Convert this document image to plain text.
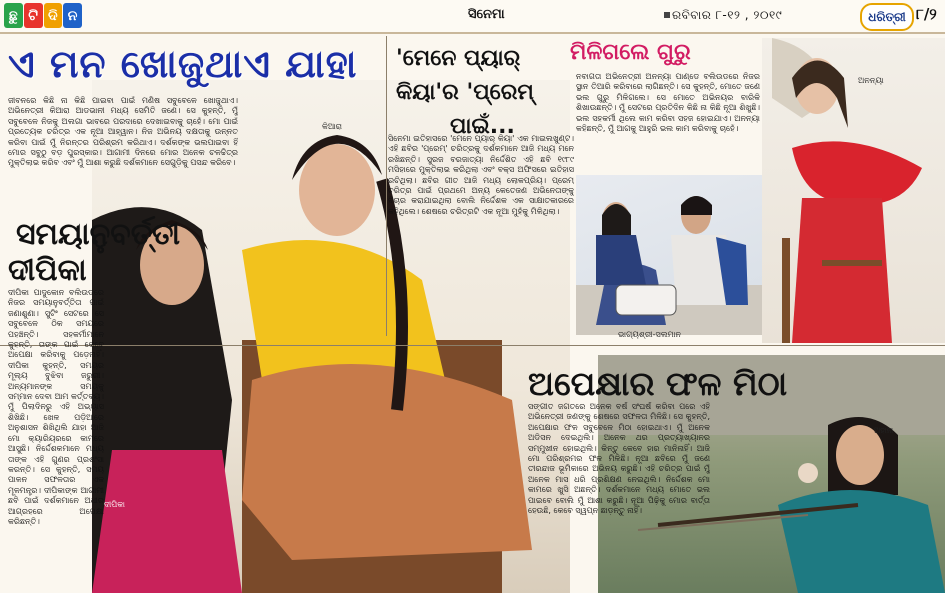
ଛୁ ଟି ଦି ନ	ସିନେମା	ରବିବାର ୮-୧୨ , ୨୦୧୯	ଧରିତ୍ରୀ ୮/୨
ଏ ମନ ଖୋଜୁଥାଏ ଯାହା
ସମୟାନୁବର୍ତ୍ତୀ
ଦୀପିକା
'ମେନେ ପ୍ୟାର୍
କିୟା'ର 'ପ୍ରେମ୍
ପାଇଁ...
ମିଳିଗଲେ ଗୁରୁ
ଅପେକ୍ଷାର ଫଳ ମିଠା
ଜୀବନରେ କିଛି ନା କିଛି ପାଇବା ପାଇଁ ମଣିଷ ସବୁବେଳେ ଖୋଜୁଥାଏ। ଅଭିନେତ୍ରୀ କିଆରା ଆଡଭାନୀ ମଧ୍ୟ ସେମିତି ଜଣେ। ସେ କୁହନ୍ତି, ମୁଁ ସବୁବେଳେ ନିଜକୁ ଅଲଗା ଭାବରେ ପରଦାରେ ଦେଖାଇବାକୁ ଚାହେଁ। ମୋ ପାଇଁ ପ୍ରତ୍ୟେକ ଚରିତ୍ର ଏକ ନୂଆ ଆହ୍ୱାନ। ନିଜ ଅଭିନୟ ଦକ୍ଷତାକୁ ଉନ୍ନତ କରିବା ପାଇଁ ମୁଁ ନିରନ୍ତର ପରିଶ୍ରମ କରିଥାଏ। ଦର୍ଶକଙ୍କ ଭଲପାଇବା ହିଁ ମୋର ସବୁଠୁ ବଡ଼ ପୁରସ୍କାର। ଆଗାମୀ ଦିନରେ ମୋର ଅନେକ ଚଳଚ୍ଚିତ୍ର ମୁକ୍ତିଲାଭ କରିବ ଏବଂ ମୁଁ ଆଶା କରୁଛି ଦର୍ଶକମାନେ ସେଗୁଡ଼ିକୁ ପସନ୍ଦ କରିବେ।
ଦୀପିକା ପାଦୁକୋନ ବଲିଉଡରେ ନିଜର ସମୟାନୁବର୍ତ୍ତିତା ପାଇଁ ଜଣାଶୁଣା। ସୁଟିଂ ସେଟରେ ସେ ସବୁବେଳେ ଠିକ ସମୟରେ ପହଞ୍ଚନ୍ତି। ସହକର୍ମୀମାନେ କୁହନ୍ତି, ତାଙ୍କ ପାଇଁ କେବେ ଅପେକ୍ଷା କରିବାକୁ ପଡ଼େନାହିଁ। ଦୀପିକା କୁହନ୍ତି, ସମୟର ମୂଲ୍ୟ ବୁଝିବା ଜରୁରୀ। ଅନ୍ୟମାନଙ୍କ ସମୟକୁ ସମ୍ମାନ ଦେବା ଆମ କର୍ତ୍ତବ୍ୟ। ମୁଁ ପିଲାଦିନରୁ ଏହି ଅଭ୍ୟାସ ଶିଖିଛି। ଖେଳ ପଡ଼ିଆରେ ଅନୁଶାସନ ଶିଖିଥିଲି ଯାହା ଆଜି ମୋ କ୍ୟାରିୟରରେ କାମରେ ଆସୁଛି। ନିର୍ଦ୍ଦେଶକମାନେ ମଧ୍ୟ ତାଙ୍କ ଏହି ଗୁଣର ପ୍ରଶଂସା କରନ୍ତି। ସେ କୁହନ୍ତି, ସମୟ ପାଳନ ସଫଳତାର ଏକ ମୂଳମନ୍ତ୍ର। ଦୀପିକାଙ୍କ ଆଗାମୀ ଛବି ପାଇଁ ଦର୍ଶକମାନେ ଅଧୀର ଆଗ୍ରହରେ ଅପେକ୍ଷା କରିଛନ୍ତି।
ସିନେମା ଇତିହାସରେ 'ମେନେ ପ୍ୟାର୍ କିୟା' ଏକ ମାଇଲଖୁଣ୍ଟ। ଏହି ଛବିର 'ପ୍ରେମ୍' ଚରିତ୍ରକୁ ଦର୍ଶକମାନେ ଆଜି ମଧ୍ୟ ମନେ ରଖିଛନ୍ତି। ସୁରଜ ବରଜାତ୍ୟା ନିର୍ଦ୍ଦେଶିତ ଏହି ଛବି ୧୯୮୯ ମସିହାରେ ମୁକ୍ତିଲାଭ କରିଥିଲା ଏବଂ ବକ୍ସ ଅଫିସରେ ଇତିହାସ ରଚିଥିଲା। ଛବିର ଗୀତ ଆଜି ମଧ୍ୟ ଲୋକପ୍ରିୟ। ପ୍ରେମ୍ ଚରିତ୍ର ପାଇଁ ପ୍ରଥମେ ଅନ୍ୟ କେତେଜଣ ଅଭିନେତାଙ୍କୁ ବିଚାର କରାଯାଇଥିଲା ବୋଲି ନିର୍ଦ୍ଦେଶକ ଏକ ସାକ୍ଷାତକାରରେ କହିଥିଲେ। ଶେଷରେ ଚରିତ୍ରଟି ଏକ ନୂଆ ମୁହଁକୁ ମିଳିଥିଲା।
ନବାଗତା ଅଭିନେତ୍ରୀ ଅନନ୍ୟା ପାଣ୍ଡେ ବଲିଉଡରେ ନିଜର ସ୍ଥାନ ତିଆରି କରିବାରେ ଲାଗିଛନ୍ତି। ସେ କୁହନ୍ତି, ମୋତେ ଜଣେ ଭଲ ଗୁରୁ ମିଳିଗଲେ। ସେ ମୋତେ ଅଭିନୟର ବାରିକି ଶିଖାଉଛନ୍ତି। ମୁଁ ସେଟରେ ପ୍ରତିଦିନ କିଛି ନା କିଛି ନୂଆ ଶିଖୁଛି। ଭଲ ସହକର୍ମୀ ଥିଲେ କାମ କରିବା ସହଜ ହୋଇଯାଏ। ଅନନ୍ୟା କହିଛନ୍ତି, ମୁଁ ଆଗକୁ ଆହୁରି ଭଲ କାମ କରିବାକୁ ଚାହେଁ।
ସଙ୍ଗୀତ ଜଗତରେ ଅନେକ ବର୍ଷ ସଂଘର୍ଷ କରିବା ପରେ ଏହି ଅଭିନେତ୍ରୀ ଜଣଙ୍କୁ ଶେଷରେ ସଫଳତା ମିଳିଛି। ସେ କୁହନ୍ତି, ଅପେକ୍ଷାର ଫଳ ସବୁବେଳେ ମିଠା ହୋଇଥାଏ। ମୁଁ ଅନେକ ଅଡିସନ ଦେଇଥିଲି। ଅନେକ ଥର ପ୍ରତ୍ୟାଖ୍ୟାନର ସମ୍ମୁଖୀନ ହୋଇଥିଲି। କିନ୍ତୁ କେବେ ହାର ମାନିନାହିଁ। ଆଜି ମୋ ପରିଶ୍ରମର ଫଳ ମିଳିଛି। ନୂଆ ଛବିରେ ମୁଁ ଜଣେ ତୀରନ୍ଦାଜ ଭୂମିକାରେ ଅଭିନୟ କରୁଛି। ଏହି ଚରିତ୍ର ପାଇଁ ମୁଁ ଅନେକ ମାସ ଧରି ପ୍ରଶିକ୍ଷଣ ନେଇଥିଲି। ନିର୍ଦ୍ଦେଶକ ମୋ କାମରେ ଖୁସି ଅଛନ୍ତି। ଦର୍ଶକମାନେ ମଧ୍ୟ ମୋତେ ଭଲ ପାଇବେ ବୋଲି ମୁଁ ଆଶା କରୁଛି। ନୂଆ ପିଢ଼ିକୁ ମୋର ବାର୍ତ୍ତା ହେଉଛି, କେବେ ସ୍ୱପ୍ନ ଛାଡ଼ନ୍ତୁ ନାହିଁ।
କିଆରା
ଭାଗ୍ୟଶ୍ରୀ-ସଲମାନ
ଅନନ୍ୟା
ଅହାନା
ଦୀପିକା
